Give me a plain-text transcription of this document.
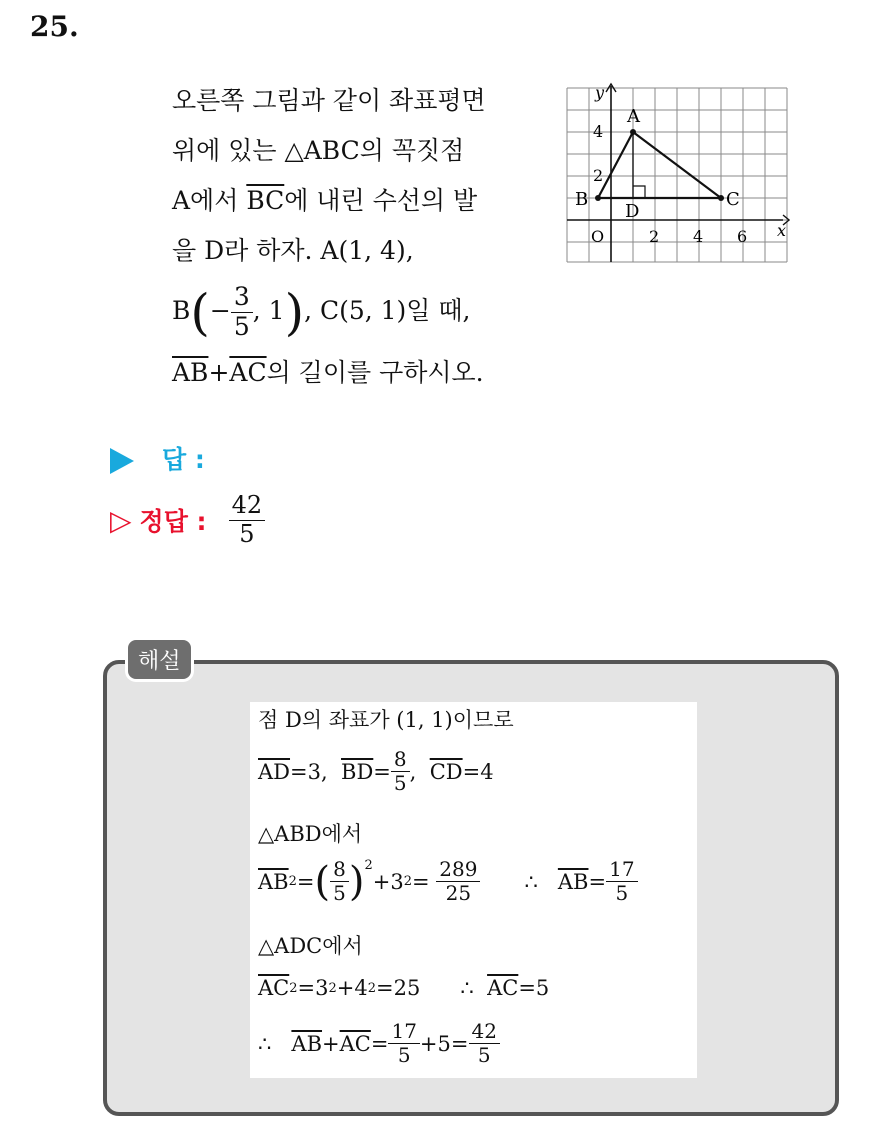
25.
오른쪽 그림과 같이 좌표평면
위에 있는 △ABC의 꼭짓점
A에서 $\overline{BC}$에 내린 수선의 발
을 D라 하자. A(1, 4),
$B(- \frac{3}{5}$ , 1), C(5, 1)일 때,
$\overline{AB}+\overline{AC}$의 길이를 구하시오.
y
x
O	2 4 6
2
4
A
B	C
D
답 :
▷ 정답 : $\frac{42}{5}$
해설
점 D의 좌표가 (1, 1)이므로
$\overline{AD} =3$,
$\overline{BD} = \frac{8}{5}$ ,
$\overline{CD} =4$
△ABD에서
$\overline{AB}$ 2 = ( $\frac{8}{5} )^2$
+3 2 =
$\frac{289}{25}$ ∴
$\overline{AB} = \frac{17}{5}$
△ADC에서
$\overline{AC}$ 2 =3 2 +4 2 =25 ∴
$\overline{AC} =5$
∴
$\overline{AB} + \overline{AC} = \frac{17}{5} +5 = \frac{42}{5}$
